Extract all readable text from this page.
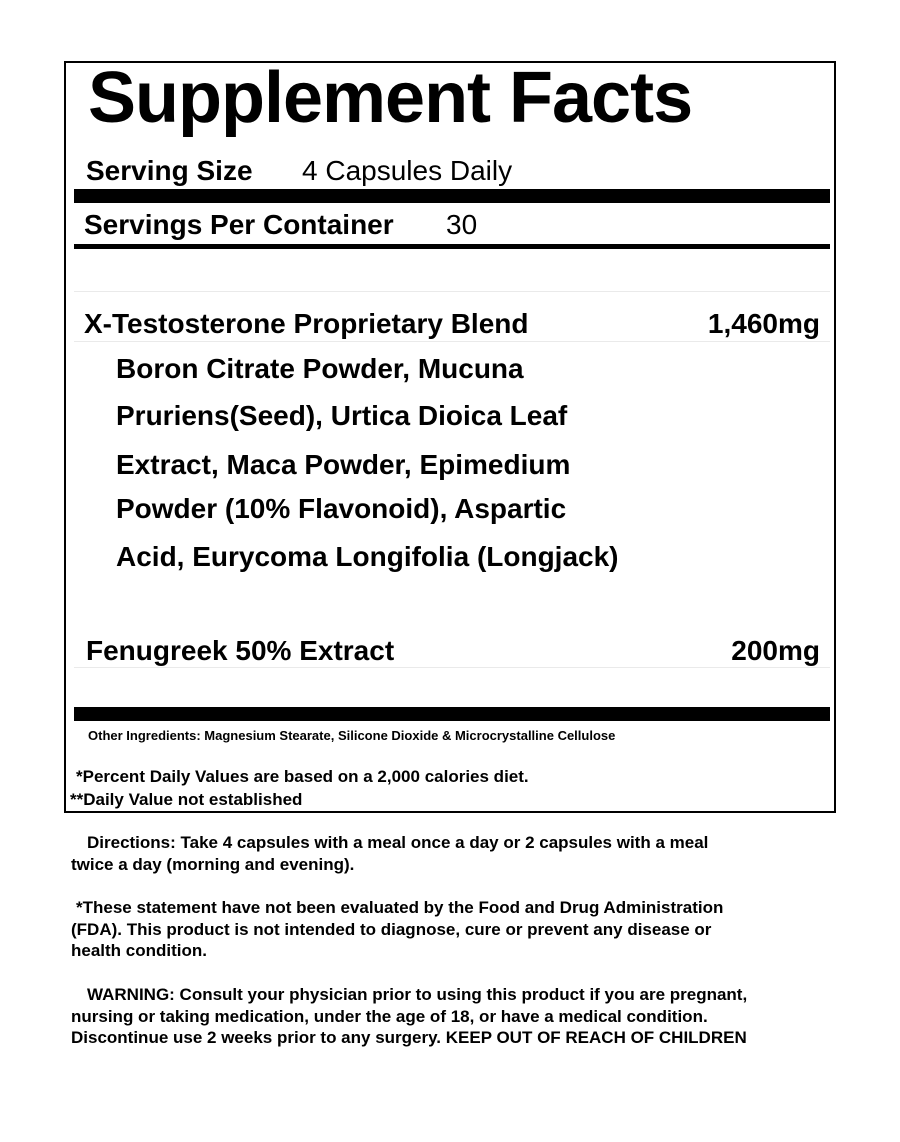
Supplement Facts
Serving Size 4 Capsules Daily
Servings Per Container 30
X-Testosterone Proprietary Blend	1,460mg
Boron Citrate Powder, Mucuna
Pruriens(Seed), Urtica Dioica Leaf
Extract, Maca Powder, Epimedium
Powder (10% Flavonoid), Aspartic
Acid, Eurycoma Longifolia (Longjack)
Fenugreek 50% Extract	200mg
Other Ingredients: Magnesium Stearate, Silicone Dioxide & Microcrystalline Cellulose
*Percent Daily Values are based on a 2,000 calories diet.
**Daily Value not established

Directions: Take 4 capsules with a meal once a day or 2 capsules with a meal

twice a day (morning and evening).

*These statement have not been evaluated by the Food and Drug Administration

(FDA). This product is not intended to diagnose, cure or prevent any disease or

health condition.

WARNING: Consult your physician prior to using this product if you are pregnant,

nursing or taking medication, under the age of 18, or have a medical condition.

Discontinue use 2 weeks prior to any surgery. KEEP OUT OF REACH OF CHILDREN
